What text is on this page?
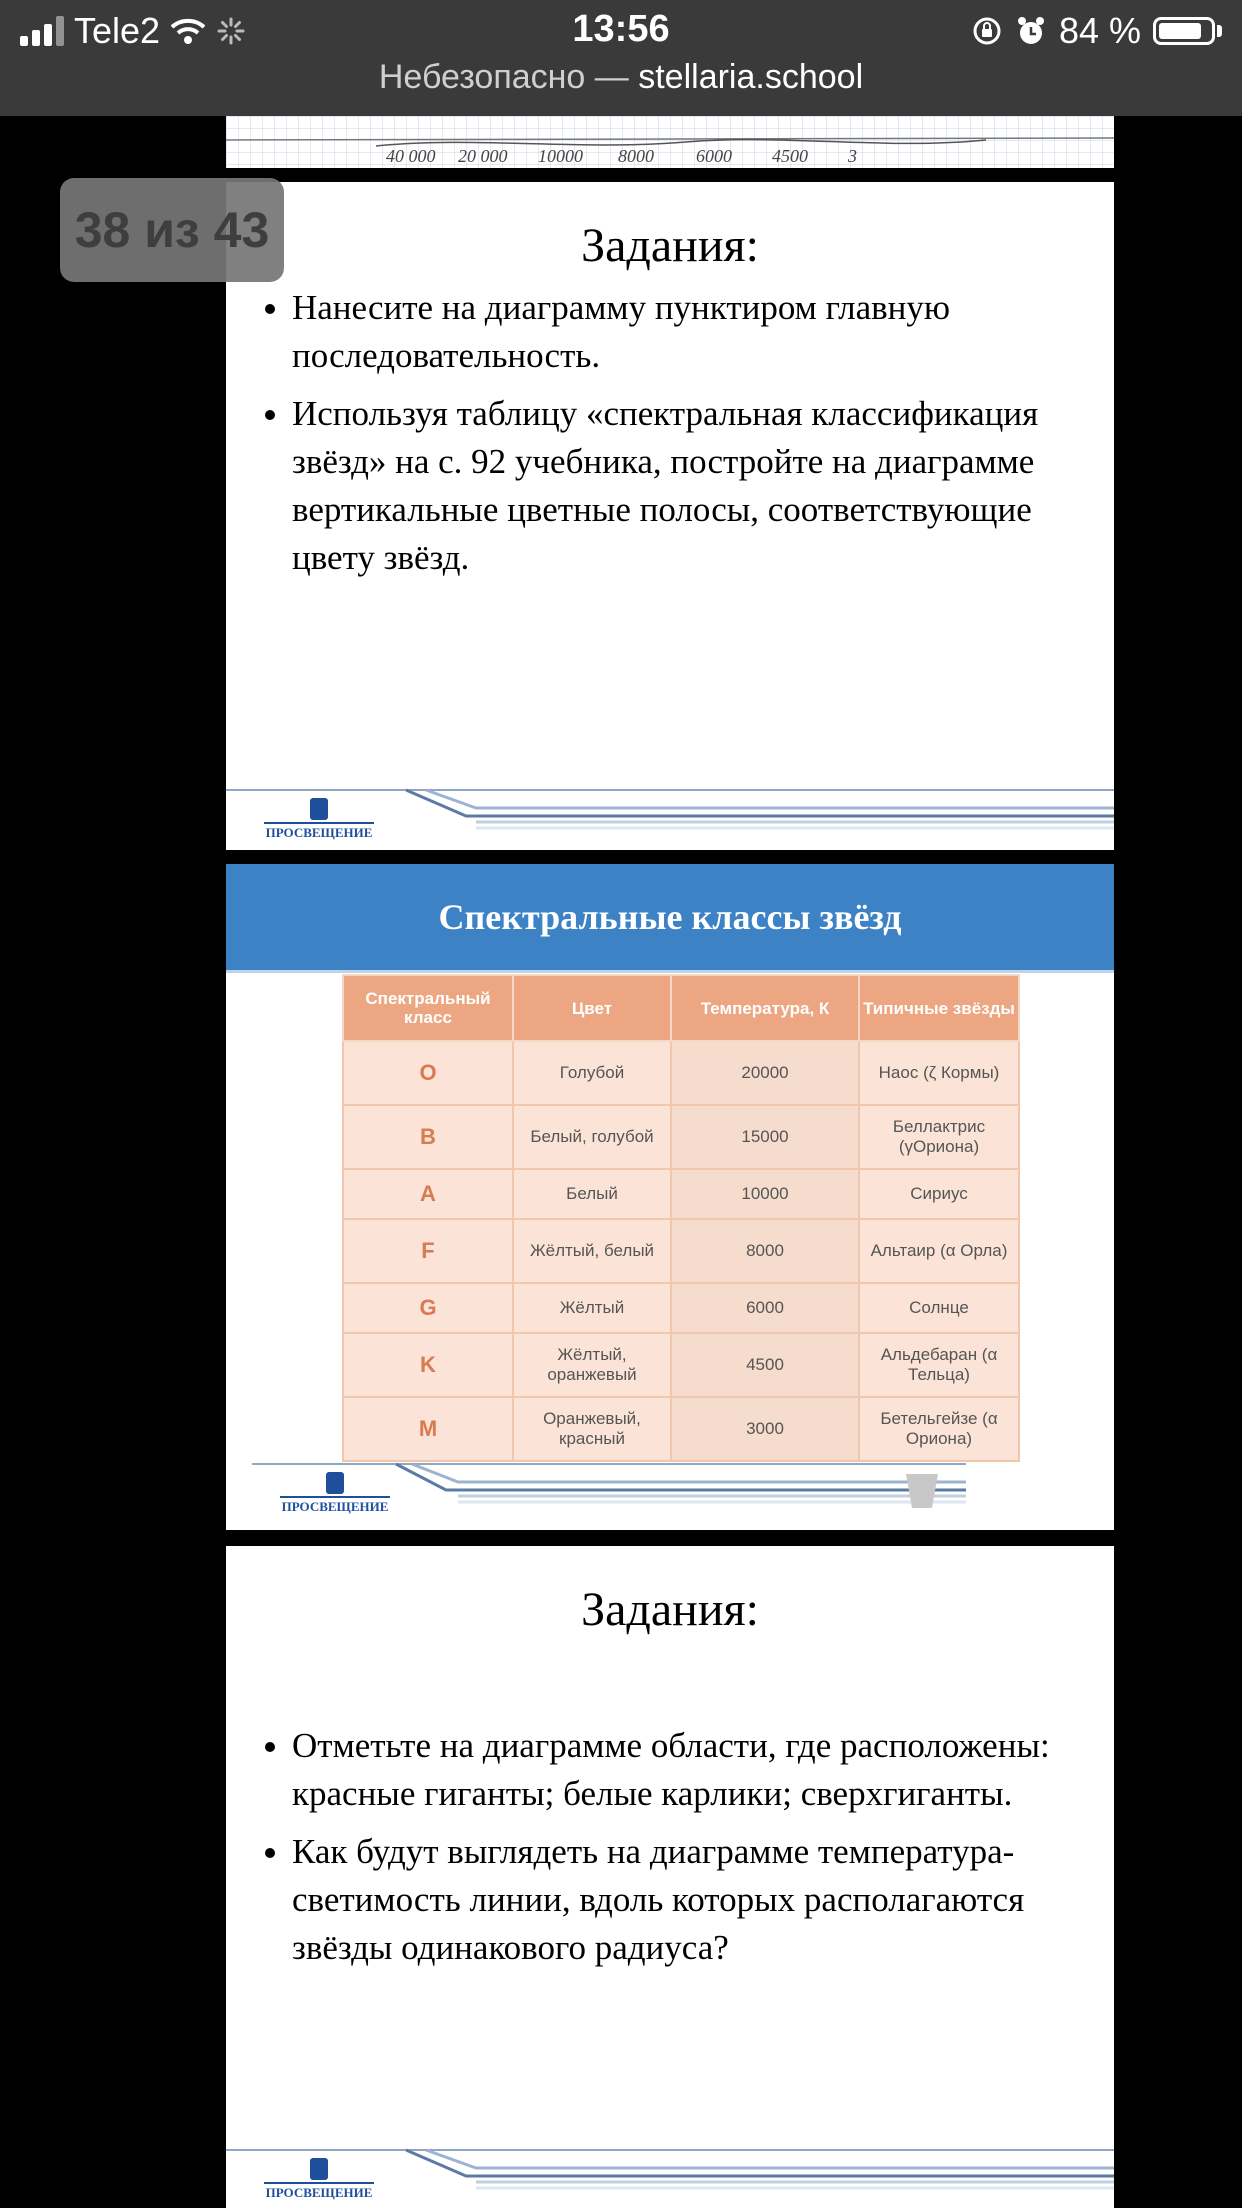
Tele2	13:56	84 %
Небезопасно — stellaria.school
40 000 20 000 10000 8000 6000 4500 3
Задания:
• Нанесите на диаграмму пунктиром главную последовательность.
• Используя таблицу «спектральная классификация звёзд» на с. 92 учебника, постройте на диаграмме вертикальные цветные полосы, соответствующие цвету звёзд.
ПРОСВЕЩЕНИЕ
38 из 43
Спектральные классы звёзд
Спектральный класс	Цвет	Температура, К	Типичные звёзды
O	Голубой	20000	Наос (ζ Кормы)
B	Белый, голубой	15000	Беллактрис (γОриона)
A	Белый	10000	Сириус
F	Жёлтый, белый	8000	Альтаир (α Орла)
G	Жёлтый	6000	Солнце
K	Жёлтый, оранжевый	4500	Альдебаран (α Тельца)
M	Оранжевый, красный	3000	Бетельгейзе (α Ориона)
ПРОСВЕЩЕНИЕ
Задания:
• Отметьте на диаграмме области, где расположены: красные гиганты; белые карлики; сверхгиганты.
• Как будут выглядеть на диаграмме температура-светимость линии, вдоль которых располагаются звёзды одинакового радиуса?
ПРОСВЕЩЕНИЕ
